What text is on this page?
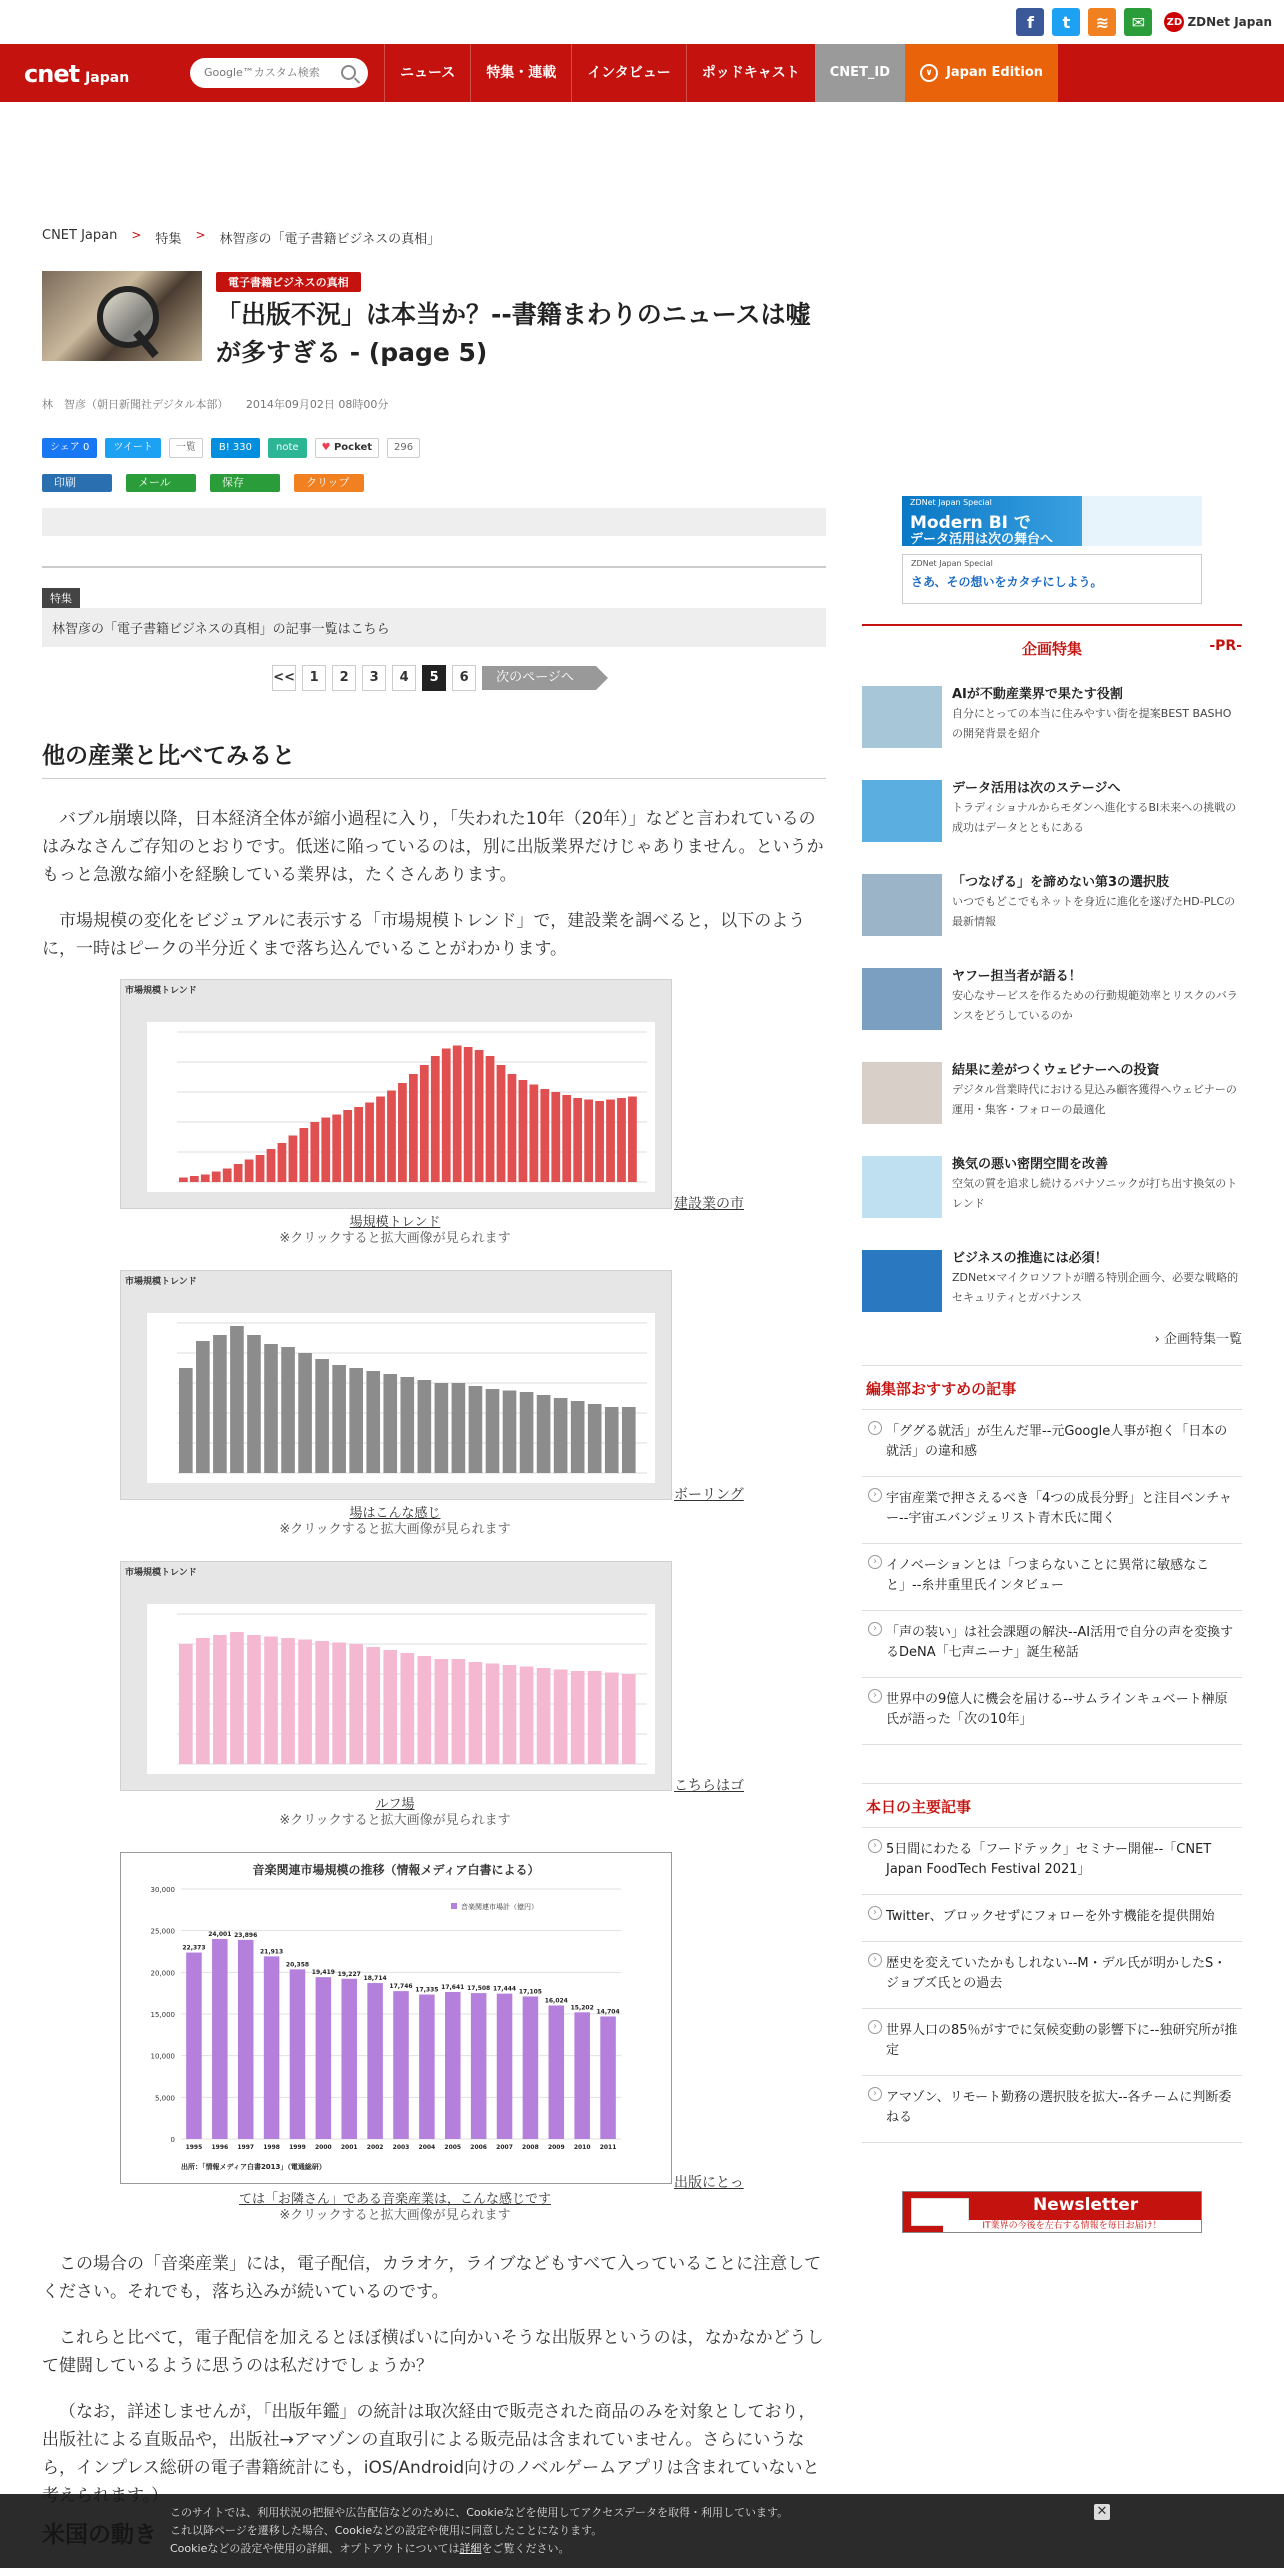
f	t	≋	✉	ZD ZDNet Japan
cnet Japan
Google™カスタム検索	ニュース	特集・連載	インタビュー	ポッドキャスト	CNET_ID	∨	Japan Edition
CNET Japan > 特集 > 林智彦の「電子書籍ビジネスの真相」
電子書籍ビジネスの真相
「出版不況」は本当か？--書籍まわりのニュースは嘘が多すぎる - (page 5)
林　智彦（朝日新聞社デジタル本部） 2014年09月02日 08時00分
シェア 0	ツイート	一覧	B! 330	note	♥ Pocket	296
印刷	メール	保存	クリップ
特集
林智彦の「電子書籍ビジネスの真相」の記事一覧はこちら
<<	1	2	3	4	5	6	次のページへ
他の産業と比べてみると

バブル崩壊以降，日本経済全体が縮小過程に入り，「失われた10年（20年）」などと言われているのはみなさんご存知のとおりです。低迷に陥っているのは，別に出版業界だけじゃありません。というかもっと急激な縮小を経験している業界は，たくさんあります。

市場規模の変化をビジュアルに表示する「市場規模トレンド」で，建設業を調べると，以下のように，一時はピークの半分近くまで落ち込んでいることがわかります。

市場規模トレンド
建設業の市
場規模トレンド
※クリックすると拡大画像が見られます
市場規模トレンド
ボーリング
場はこんな感じ
※クリックすると拡大画像が見られます
市場規模トレンド
こちらはゴ
ルフ場
※クリックすると拡大画像が見られます
音楽関連市場規模の推移（情報メディア白書による）
30,000
25,000
20,000
15,000
10,000
5,000
0
22,373
1995
24,001
1996
23,896
1997
21,913
1998
20,358
1999
19,419
2000
19,227
2001
18,714
2002
17,746
2003
17,335
2004
17,641
2005
17,508
2006
17,444
2007
17,105
2008
16,024
2009
15,202
2010
14,704
2011
音楽関連市場計（億円）
出所：「情報メディア白書2013」（電通総研）
出版にとっ
ては「お隣さん」である音楽産業は，こんな感じです
※クリックすると拡大画像が見られます

この場合の「音楽産業」には，電子配信，カラオケ，ライブなどもすべて入っていることに注意してください。それでも，落ち込みが続いているのです。

これらと比べて，電子配信を加えるとほぼ横ばいに向かいそうな出版界というのは，なかなかどうして健闘しているように思うのは私だけでしょうか？

（なお，詳述しませんが，「出版年鑑」の統計は取次経由で販売された商品のみを対象としており，出版社による直販品や，出版社→アマゾンの直取引による販売品は含まれていません。さらにいうなら，インプレス総研の電子書籍統計にも，iOS/Android向けのノベルゲームアプリは含まれていないと

ZDNet Japan Special
Modern BI で
データ活用は次の舞台へ
ZDNet Japan Special
さあ、その想いをカタチにしよう。
企画特集	-PR-
AIが不動産業界で果たす役割
自分にとっての本当に住みやすい街を提案BEST BASHOの開発背景を紹介
データ活用は次のステージへ
トラディショナルからモダンへ進化するBI未来への挑戦の成功はデータとともにある
「つなげる」を諦めない第3の選択肢
いつでもどこでもネットを身近に進化を遂げたHD-PLCの最新情報
ヤフー担当者が語る！
安心なサービスを作るための行動規範効率とリスクのバランスをどうしているのか
結果に差がつくウェビナーへの投資
デジタル営業時代における見込み顧客獲得へウェビナーの運用・集客・フォローの最適化
換気の悪い密閉空間を改善
空気の質を追求し続けるパナソニックが打ち出す換気のトレンド
ビジネスの推進には必須！
ZDNet×マイクロソフトが贈る特別企画今、必要な戦略的セキュリティとガバナンス
› 企画特集一覧
編集部おすすめの記事
› 「ググる就活」が生んだ罪--元Google人事が抱く「日本の就活」の違和感
› 宇宙産業で押さえるべき「4つの成長分野」と注目ベンチャー--宇宙エバンジェリスト青木氏に聞く
› イノベーションとは「つまらないことに異常に敏感なこと」--糸井重里氏インタビュー
› 「声の装い」は社会課題の解決--AI活用で自分の声を変換するDeNA「七声ニーナ」誕生秘話
› 世界中の9億人に機会を届ける--サムラインキュベート榊原氏が語った「次の10年」
本日の主要記事
› 5日間にわたる「フードテック」セミナー開催--「CNET Japan FoodTech Festival 2021」
› Twitter、ブロックせずにフォローを外す機能を提供開始
› 歴史を変えていたかもしれない--M・デル氏が明かしたS・ジョブズ氏との過去
› 世界人口の85％がすでに気候変動の影響下に--独研究所が推定
› アマゾン、リモート勤務の選択肢を拡大--各チームに判断委ねる
Newsletter
IT業界の今後を左右する情報を毎日お届け！
このサイトでは、利用状況の把握や広告配信などのために、Cookieなどを使用してアクセスデータを取得・利用しています。
これ以降ページを遷移した場合、Cookieなどの設定や使用に同意したことになります。
Cookieなどの設定や使用の詳細、オプトアウトについては詳細をご覧ください。
✕
